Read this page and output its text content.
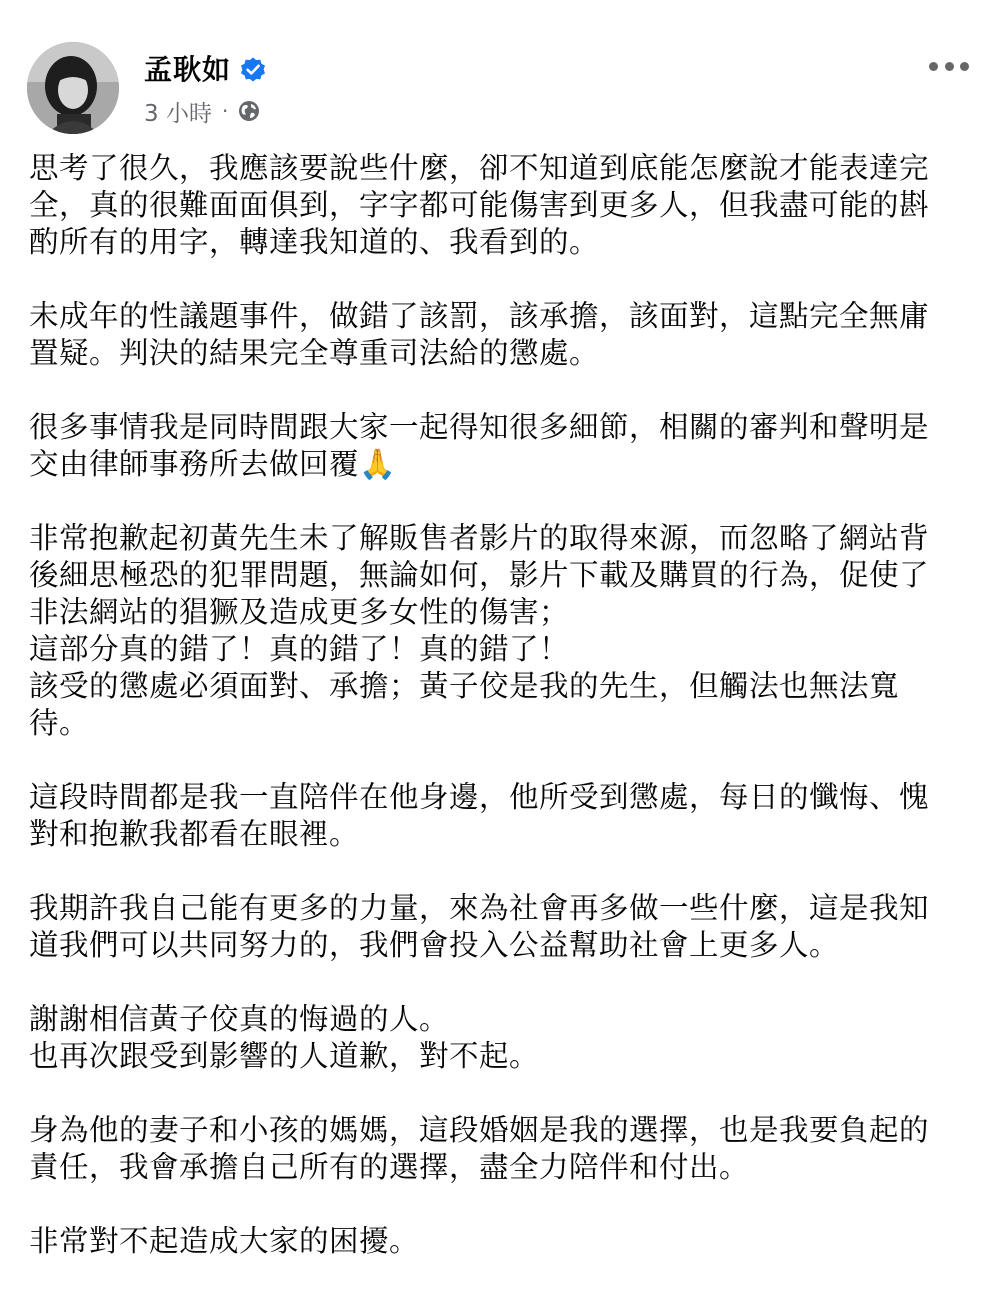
孟耿如
3 小時 ·

思考了很久，我應該要說些什麼，卻不知道到底能怎麼說才能表達完
全，真的很難面面俱到，字字都可能傷害到更多人，但我盡可能的斟
酌所有的用字，轉達我知道的、我看到的。

未成年的性議題事件，做錯了該罰，該承擔，該面對，這點完全無庸
置疑。判決的結果完全尊重司法給的懲處。

很多事情我是同時間跟大家一起得知很多細節，相關的審判和聲明是
交由律師事務所去做回覆🙏

非常抱歉起初黃先生未了解販售者影片的取得來源，而忽略了網站背
後細思極恐的犯罪問題，無論如何，影片下載及購買的行為，促使了
非法網站的猖獗及造成更多女性的傷害；
這部分真的錯了！真的錯了！真的錯了！
該受的懲處必須面對、承擔；黃子佼是我的先生，但觸法也無法寬
待。

這段時間都是我一直陪伴在他身邊，他所受到懲處，每日的懺悔、愧
對和抱歉我都看在眼裡。

我期許我自己能有更多的力量，來為社會再多做一些什麼，這是我知
道我們可以共同努力的，我們會投入公益幫助社會上更多人。

謝謝相信黃子佼真的悔過的人。
也再次跟受到影響的人道歉，對不起。

身為他的妻子和小孩的媽媽，這段婚姻是我的選擇，也是我要負起的
責任，我會承擔自己所有的選擇，盡全力陪伴和付出。

非常對不起造成大家的困擾。
